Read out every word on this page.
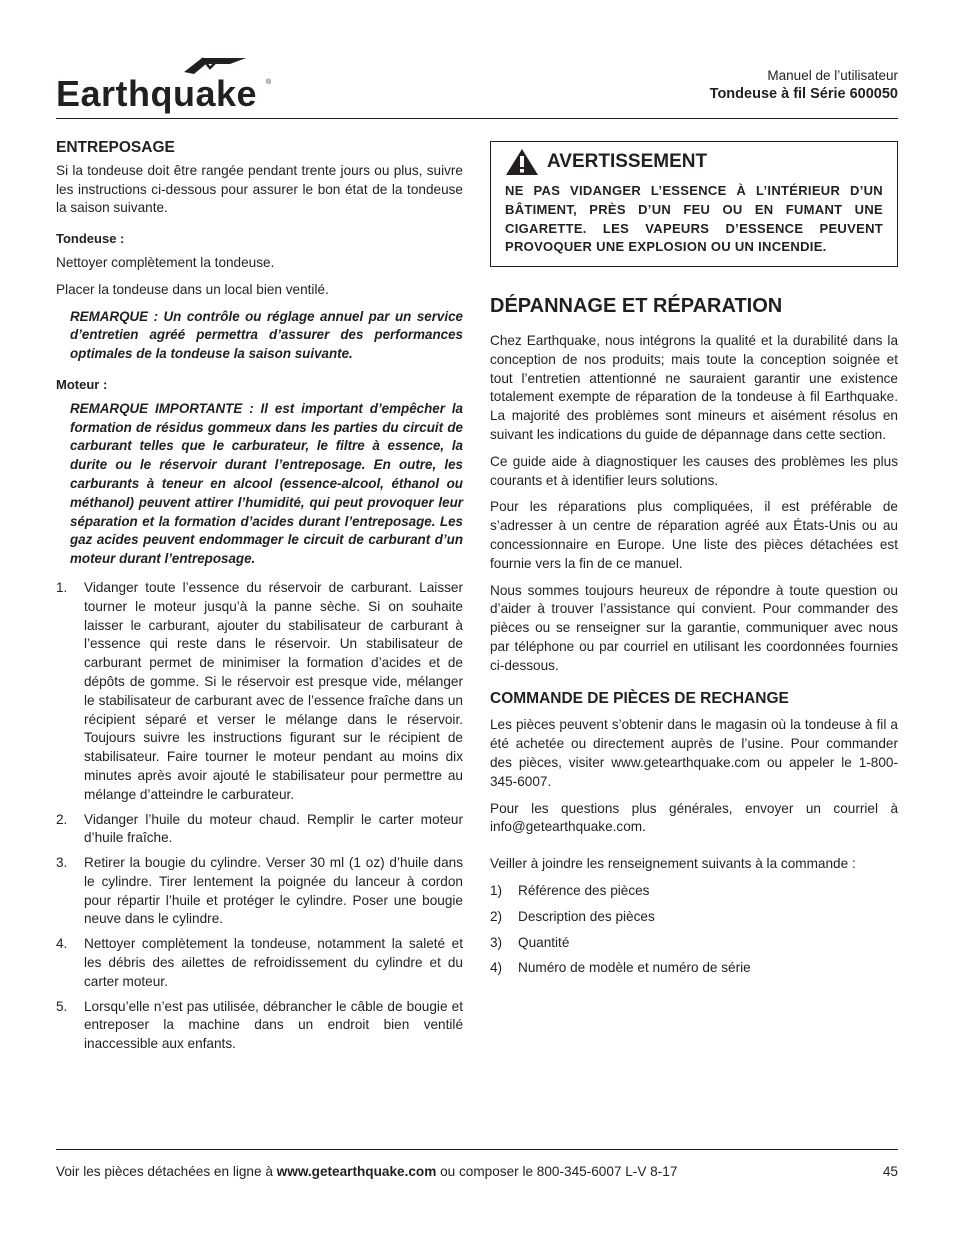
Earthquake ®	Manuel de l’utilisateur
Tondeuse à fil Série 600050
ENTREPOSAGE

Si la tondeuse doit être rangée pendant trente jours ou plus, suivre les instructions ci-dessous pour assurer le bon état de la tondeuse la saison suivante.

Tondeuse :

Nettoyer complètement la tondeuse.

Placer la tondeuse dans un local bien ventilé.

REMARQUE : Un contrôle ou réglage annuel par un service d’entretien agréé permettra d’assurer des performances optimales de la tondeuse la saison suivante.
Moteur :
REMARQUE IMPORTANTE : Il est important d’empêcher la formation de résidus gommeux dans les parties du circuit de carburant telles que le carburateur, le filtre à essence, la durite ou le réservoir durant l’entreposage. En outre, les carburants à teneur en alcool (essence-alcool, éthanol ou méthanol) peuvent attirer l’humidité, qui peut provoquer leur séparation et la formation d’acides durant l’entreposage. Les gaz acides peuvent endommager le circuit de carburant d’un moteur durant l’entreposage.
1. Vidanger toute l’essence du réservoir de carburant. Laisser tourner le moteur jusqu’à la panne sèche. Si on souhaite laisser le carburant, ajouter du stabilisateur de carburant à l’essence qui reste dans le réservoir. Un stabilisateur de carburant permet de minimiser la formation d’acides et de dépôts de gomme. Si le réservoir est presque vide, mélanger le stabilisateur de carburant avec de l’essence fraîche dans un récipient séparé et verser le mélange dans le réservoir. Toujours suivre les instructions figurant sur le récipient de stabilisateur. Faire tourner le moteur pendant au moins dix minutes après avoir ajouté le stabilisateur pour permettre au mélange d’atteindre le carburateur.
2. Vidanger l’huile du moteur chaud. Remplir le carter moteur d’huile fraîche.
3. Retirer la bougie du cylindre. Verser 30 ml (1 oz) d’huile dans le cylindre. Tirer lentement la poignée du lanceur à cordon pour répartir l’huile et protéger le cylindre. Poser une bougie neuve dans le cylindre.
4. Nettoyer complètement la tondeuse, notamment la saleté et les débris des ailettes de refroidissement du cylindre et du carter moteur.
5. Lorsqu’elle n’est pas utilisée, débrancher le câble de bougie et entreposer la machine dans un endroit bien ventilé inaccessible aux enfants.
AVERTISSEMENT
NE PAS VIDANGER L’ESSENCE À L’INTÉRIEUR D’UN BÂTIMENT, PRÈS D’UN FEU OU EN FUMANT UNE CIGARETTE. LES VAPEURS D’ESSENCE PEUVENT PROVOQUER UNE EXPLOSION OU UN INCENDIE.
DÉPANNAGE ET RÉPARATION

Chez Earthquake, nous intégrons la qualité et la durabilité dans la conception de nos produits; mais toute la conception soignée et tout l’entretien attentionné ne sauraient garantir une existence totalement exempte de réparation de la tondeuse à fil Earthquake. La majorité des problèmes sont mineurs et aisément résolus en suivant les indications du guide de dépannage dans cette section.

Ce guide aide à diagnostiquer les causes des problèmes les plus courants et à identifier leurs solutions.

Pour les réparations plus compliquées, il est préférable de s’adresser à un centre de réparation agréé aux États-Unis ou au concessionnaire en Europe. Une liste des pièces détachées est fournie vers la fin de ce manuel.

Nous sommes toujours heureux de répondre à toute question ou d’aider à trouver l’assistance qui convient. Pour commander des pièces ou se renseigner sur la garantie, communiquer avec nous par téléphone ou par courriel en utilisant les coordonnées fournies ci-dessous.

COMMANDE DE PIÈCES DE RECHANGE

Les pièces peuvent s’obtenir dans le magasin où la tondeuse à fil a été achetée ou directement auprès de l’usine. Pour commander des pièces, visiter www.getearthquake.com ou appeler le 1-800-345-6007.

Pour les questions plus générales, envoyer un courriel à info@getearthquake.com.

Veiller à joindre les renseignement suivants à la commande :

1) Référence des pièces
2) Description des pièces
3) Quantité
4) Numéro de modèle et numéro de série
Voir les pièces détachées en ligne à www.getearthquake.com ou composer le 800-345-6007 L-V 8-17	45
